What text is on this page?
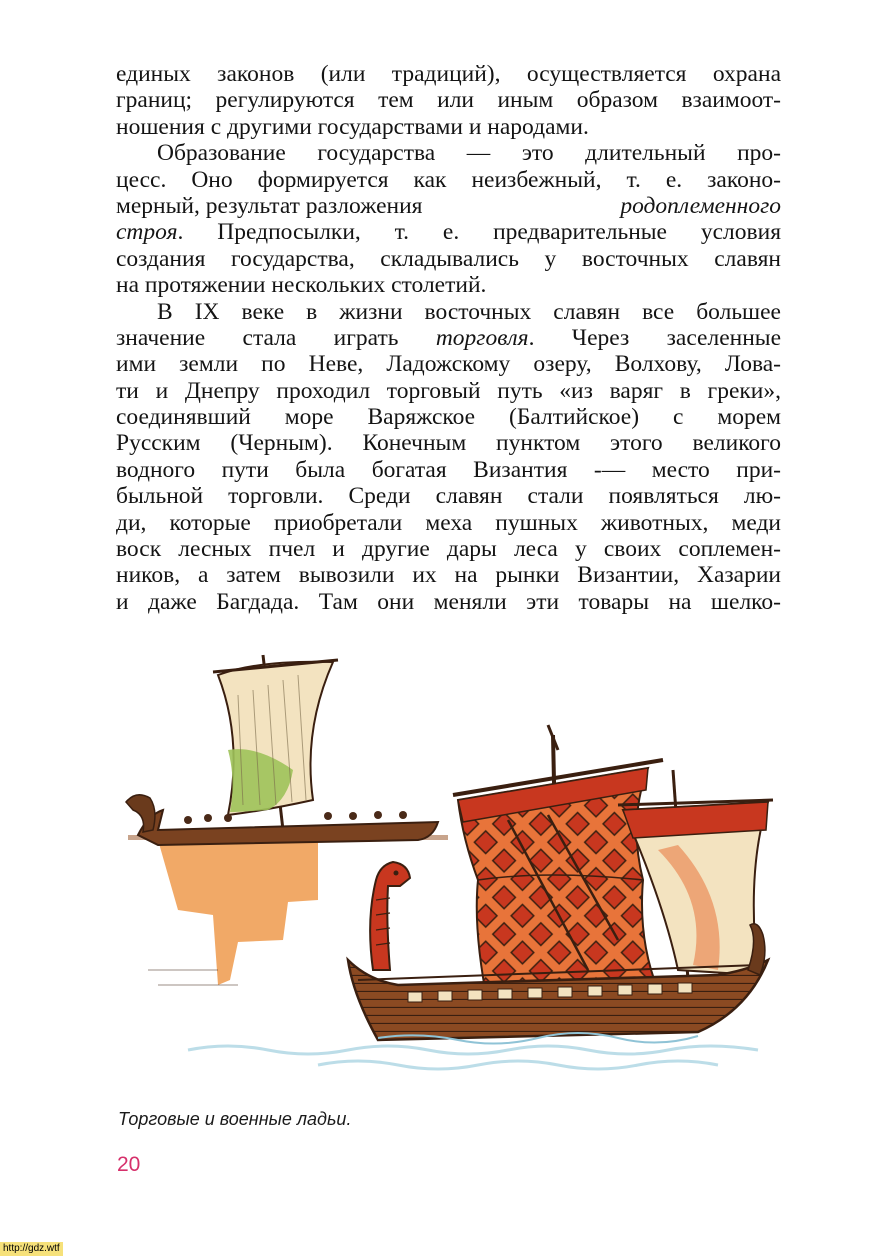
единых законов (или традиций), осуществляется охрана
границ; регулируются тем или иным образом взаимоот-
ношения с другими государствами и народами.
Образование государства — это длительный про-
цесс. Оно формируется как неизбежный, т. е. законо-
мерный, результат разложения	родоплеменного
строя. Предпосылки, т. е. предварительные условия
создания государства, складывались у восточных славян
на протяжении нескольких столетий.
В IX веке в жизни восточных славян все большее
значение стала играть торговля. Через заселенные
ими земли по Неве, Ладожскому озеру, Волхову, Лова-
ти и Днепру проходил торговый путь «из варяг в греки»,
соединявший море Варяжское (Балтийское) с морем
Русским (Черным). Конечным пунктом этого великого
водного пути была богатая Византия -— место при-
быльной торговли. Среди славян стали появляться лю-
ди, которые приобретали меха пушных животных, меди
воск лесных пчел и другие дары леса у своих соплемен-
ников, а затем вывозили их на рынки Византии, Хазарии
и даже Багдада. Там они меняли эти товары на шелко-
Торговые и военные ладьи.
20
http://gdz.wtf
